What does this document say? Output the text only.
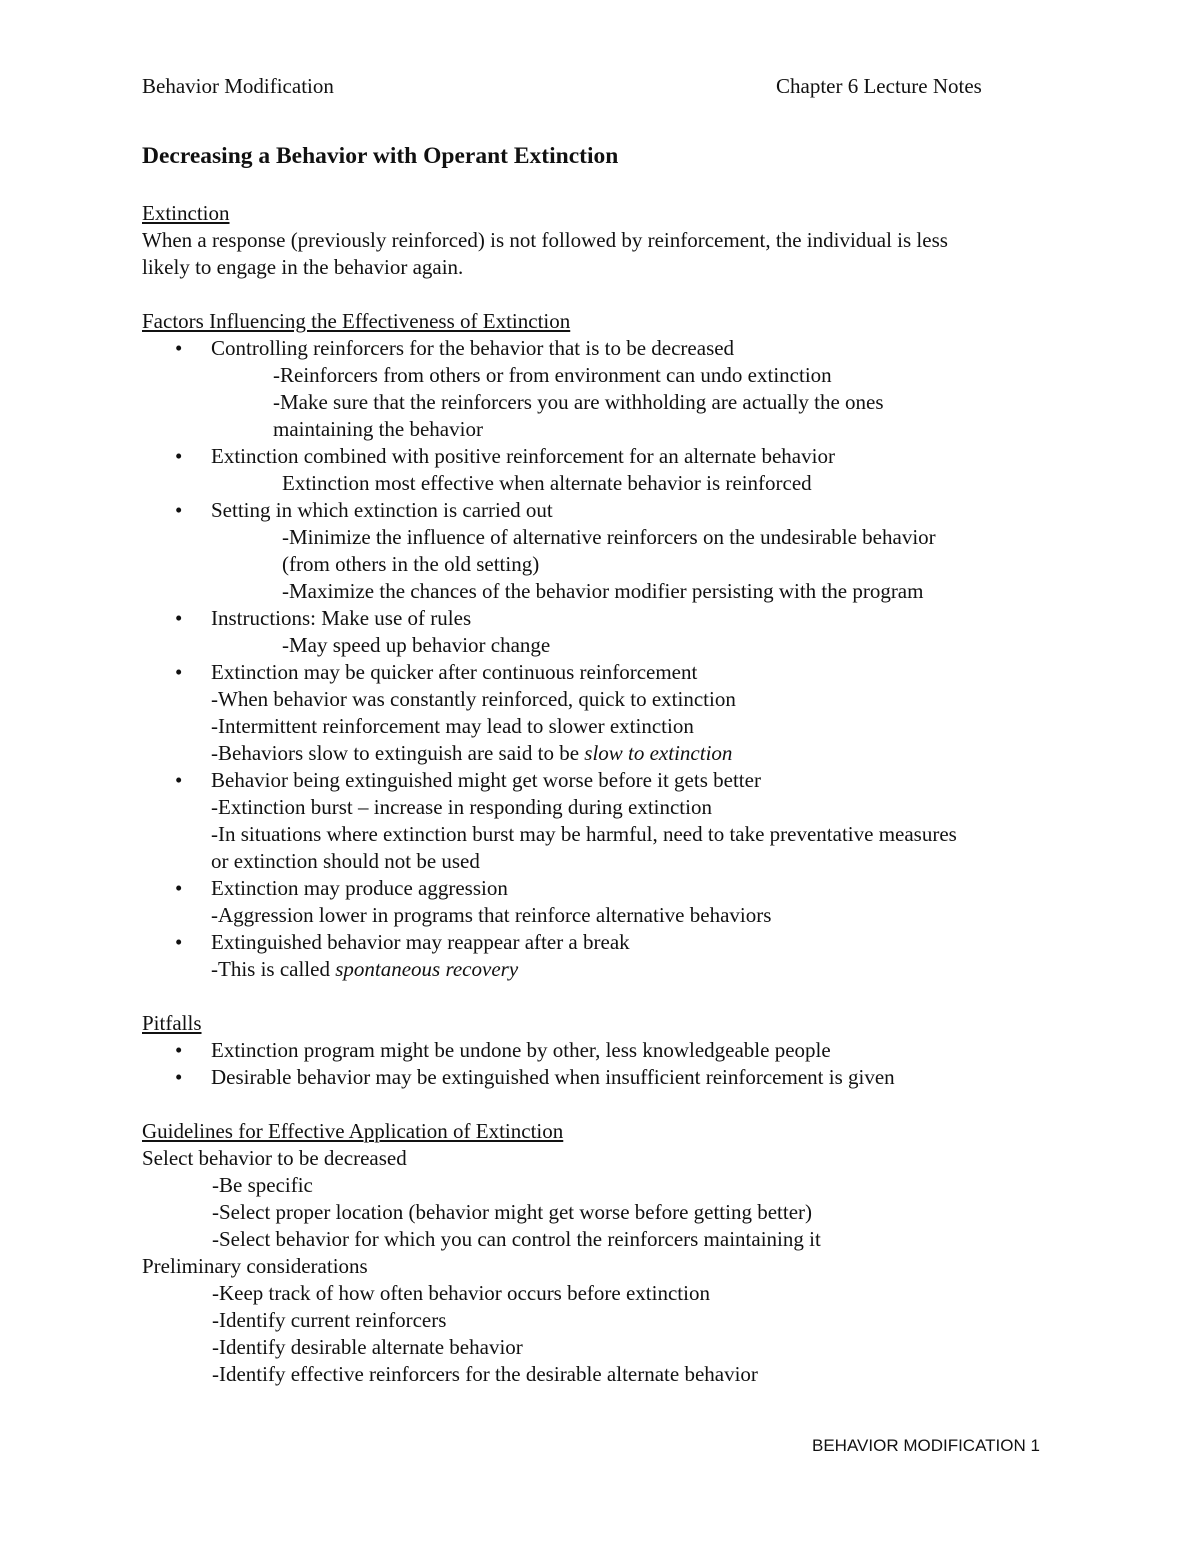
Behavior Modification	Chapter 6 Lecture Notes
Decreasing a Behavior with Operant Extinction
Extinction
When a response (previously reinforced) is not followed by reinforcement, the individual is less
likely to engage in the behavior again.
Factors Influencing the Effectiveness of Extinction
• Controlling reinforcers for the behavior that is to be decreased
-Reinforcers from others or from environment can undo extinction
-Make sure that the reinforcers you are withholding are actually the ones
maintaining the behavior
• Extinction combined with positive reinforcement for an alternate behavior
Extinction most effective when alternate behavior is reinforced
• Setting in which extinction is carried out
-Minimize the influence of alternative reinforcers on the undesirable behavior
(from others in the old setting)
-Maximize the chances of the behavior modifier persisting with the program
• Instructions: Make use of rules
-May speed up behavior change
• Extinction may be quicker after continuous reinforcement
-When behavior was constantly reinforced, quick to extinction
-Intermittent reinforcement may lead to slower extinction
-Behaviors slow to extinguish are said to be slow to extinction
• Behavior being extinguished might get worse before it gets better
-Extinction burst – increase in responding during extinction
-In situations where extinction burst may be harmful, need to take preventative measures
or extinction should not be used
• Extinction may produce aggression
-Aggression lower in programs that reinforce alternative behaviors
• Extinguished behavior may reappear after a break
-This is called spontaneous recovery
Pitfalls
• Extinction program might be undone by other, less knowledgeable people
• Desirable behavior may be extinguished when insufficient reinforcement is given
Guidelines for Effective Application of Extinction
Select behavior to be decreased
-Be specific
-Select proper location (behavior might get worse before getting better)
-Select behavior for which you can control the reinforcers maintaining it
Preliminary considerations
-Keep track of how often behavior occurs before extinction
-Identify current reinforcers
-Identify desirable alternate behavior
-Identify effective reinforcers for the desirable alternate behavior
BEHAVIOR MODIFICATION 1
